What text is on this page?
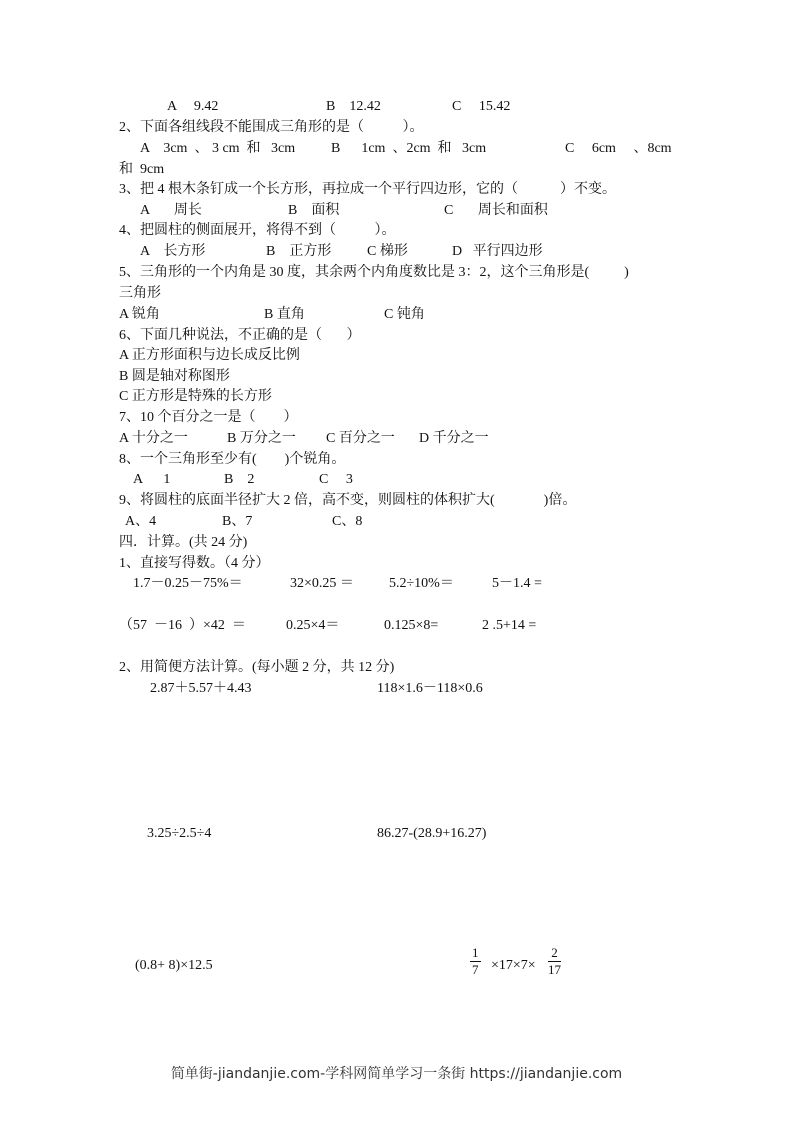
A     9.42	B    12.42	C     15.42
2、下面各组线段不能围成三角形的是（           ）。
A    3cm  、 3 cm  和   3cm	B      1cm  、2cm  和   3cm	C     6cm     、8cm
和  9cm
3、把 4 根木条钉成一个长方形，再拉成一个平行四边形，它的（            ）不变。
A       周长	B    面积	C       周长和面积
4、把圆柱的侧面展开，将得不到（           ）。
A    长方形	B    正方形	C 梯形	D   平行四边形
5、三角形的一个内角是 30 度，其余两个内角度数比是 3：2，这个三角形是(          )
三角形
A 锐角	B 直角	C 钝角
6、下面几种说法，不正确的是（       ）
A 正方形面积与边长成反比例
B 圆是轴对称图形
C 正方形是特殊的长方形
7、10 个百分之一是（        ）
A 十分之一	B 万分之一 C 百分之一 D 千分之一
8、一个三角形至少有(        )个锐角。
A      1	B    2	C     3
9、将圆柱的底面半径扩大 2 倍，高不变，则圆柱的体积扩大(              )倍。
A、4	B、7	C、8
四．计算。(共 24 分)
1、直接写得数。（4 分）
1.7－0.25－75%＝	32×0.25 ＝	5.2÷10%＝	5－1.4 =
（57  －16  ）×42  ＝	0.25×4＝	0.125×8=	2 .5+14 =
2、用简便方法计算。(每小题 2 分，共 12 分)
2.87＋5.57＋4.43	118×1.6－118×0.6
3.25÷2.5÷4	86.27-(28.9+16.27)
(0.8+ 8)×12.5	$\frac{1}{7} \times 17\times 7\times \frac{2}{17}$
简单街-jiandanjie.com-学科网简单学习一条街 https://jiandanjie.com
